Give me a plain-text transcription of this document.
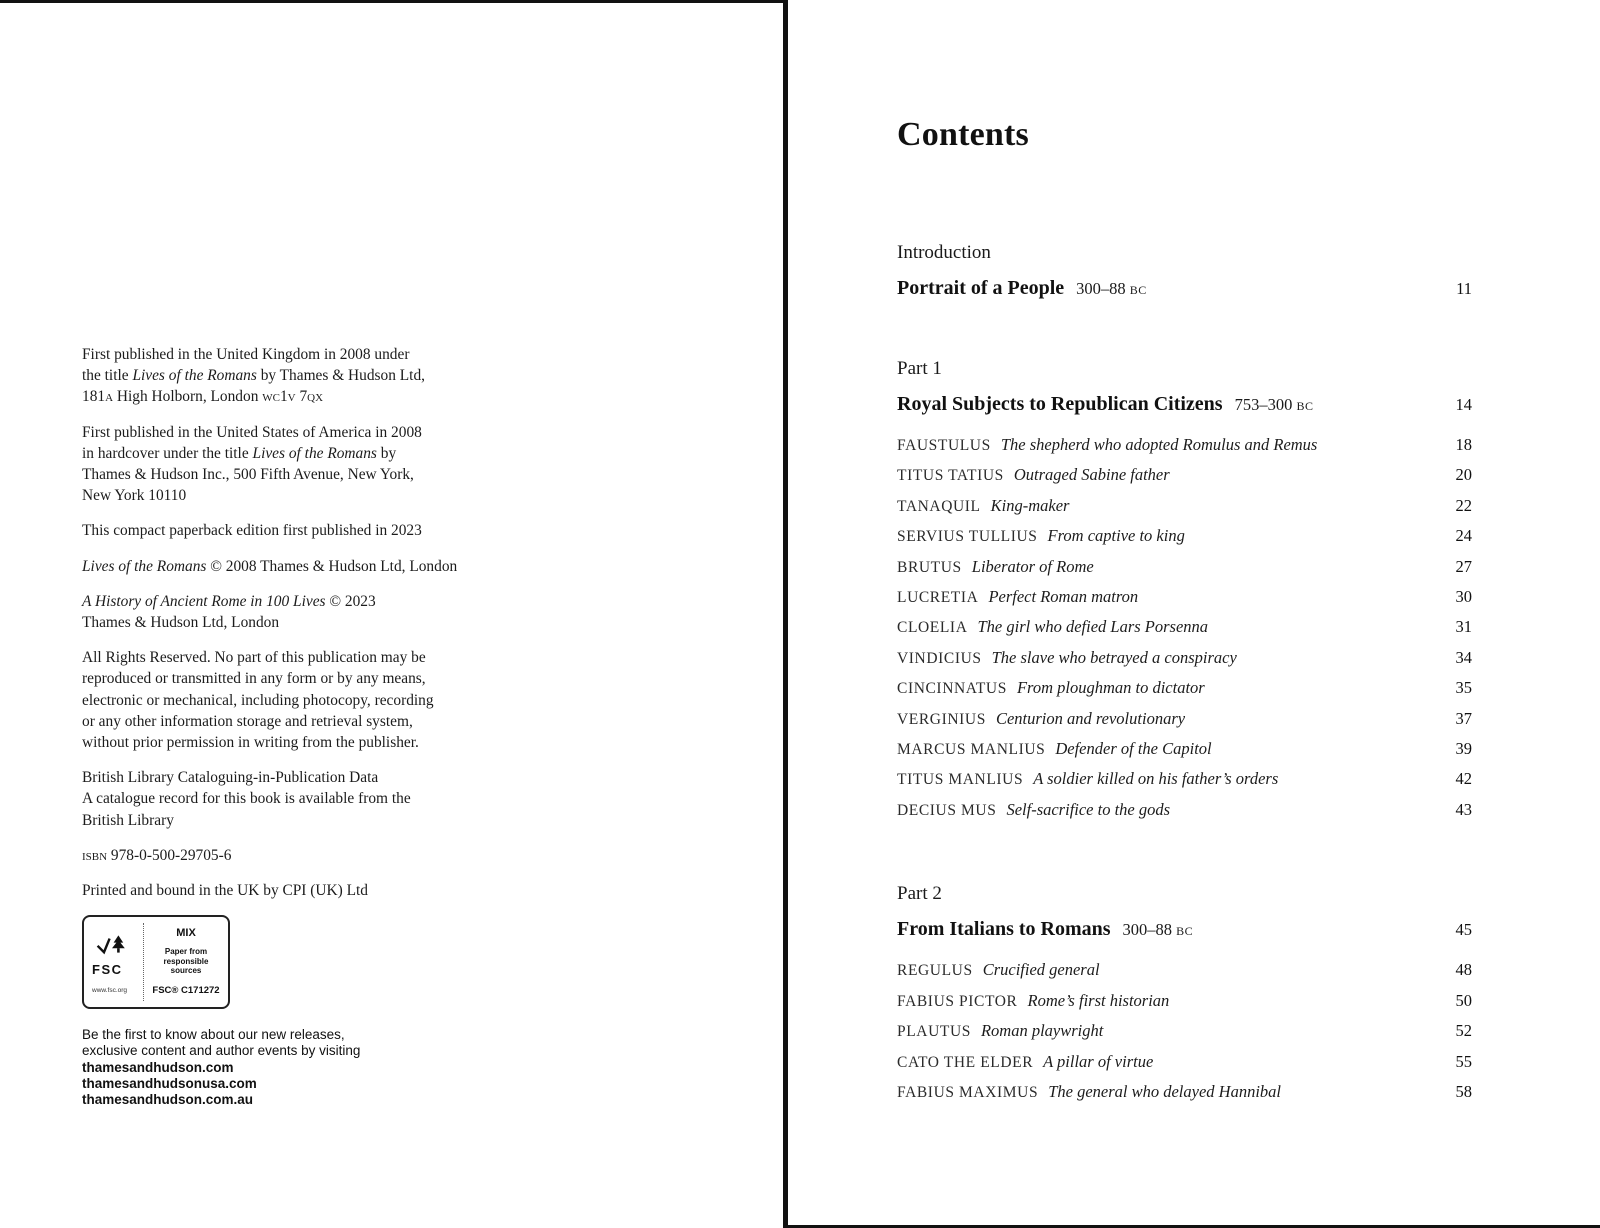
First published in the United Kingdom in 2008 under
the title Lives of the Romans by Thames & Hudson Ltd,
181a High Holborn, London wc1v 7qx

First published in the United States of America in 2008
in hardcover under the title Lives of the Romans by
Thames & Hudson Inc., 500 Fifth Avenue, New York,
New York 10110

This compact paperback edition first published in 2023

Lives of the Romans © 2008 Thames & Hudson Ltd, London

A History of Ancient Rome in 100 Lives © 2023
Thames & Hudson Ltd, London

All Rights Reserved. No part of this publication may be
reproduced or transmitted in any form or by any means,
electronic or mechanical, including photocopy, recording
or any other information storage and retrieval system,
without prior permission in writing from the publisher.

British Library Cataloguing-in-Publication Data
A catalogue record for this book is available from the
British Library

isbn 978-0-500-29705-6

Printed and bound in the UK by CPI (UK) Ltd

FSC
www.fsc.org
MIX
Paper from
responsible sources
FSC® C171272
Be the first to know about our new releases,
exclusive content and author events by visiting
thamesandhudson.com
thamesandhudsonusa.com
thamesandhudson.com.au
Contents
Introduction
Portrait of a People 300–88 bc	11
Part 1
Royal Subjects to Republican Citizens 753–300 bc	14
FAUSTULUS The shepherd who adopted Romulus and Remus	18
TITUS TATIUS Outraged Sabine father	20
TANAQUIL King-maker	22
SERVIUS TULLIUS From captive to king	24
BRUTUS Liberator of Rome	27
LUCRETIA Perfect Roman matron	30
CLOELIA The girl who defied Lars Porsenna	31
VINDICIUS The slave who betrayed a conspiracy	34
CINCINNATUS From ploughman to dictator	35
VERGINIUS Centurion and revolutionary	37
MARCUS MANLIUS Defender of the Capitol	39
TITUS MANLIUS A soldier killed on his father’s orders	42
DECIUS MUS Self-sacrifice to the gods	43
Part 2
From Italians to Romans 300–88 bc	45
REGULUS Crucified general	48
FABIUS PICTOR Rome’s first historian	50
PLAUTUS Roman playwright	52
CATO THE ELDER A pillar of virtue	55
FABIUS MAXIMUS The general who delayed Hannibal	58
